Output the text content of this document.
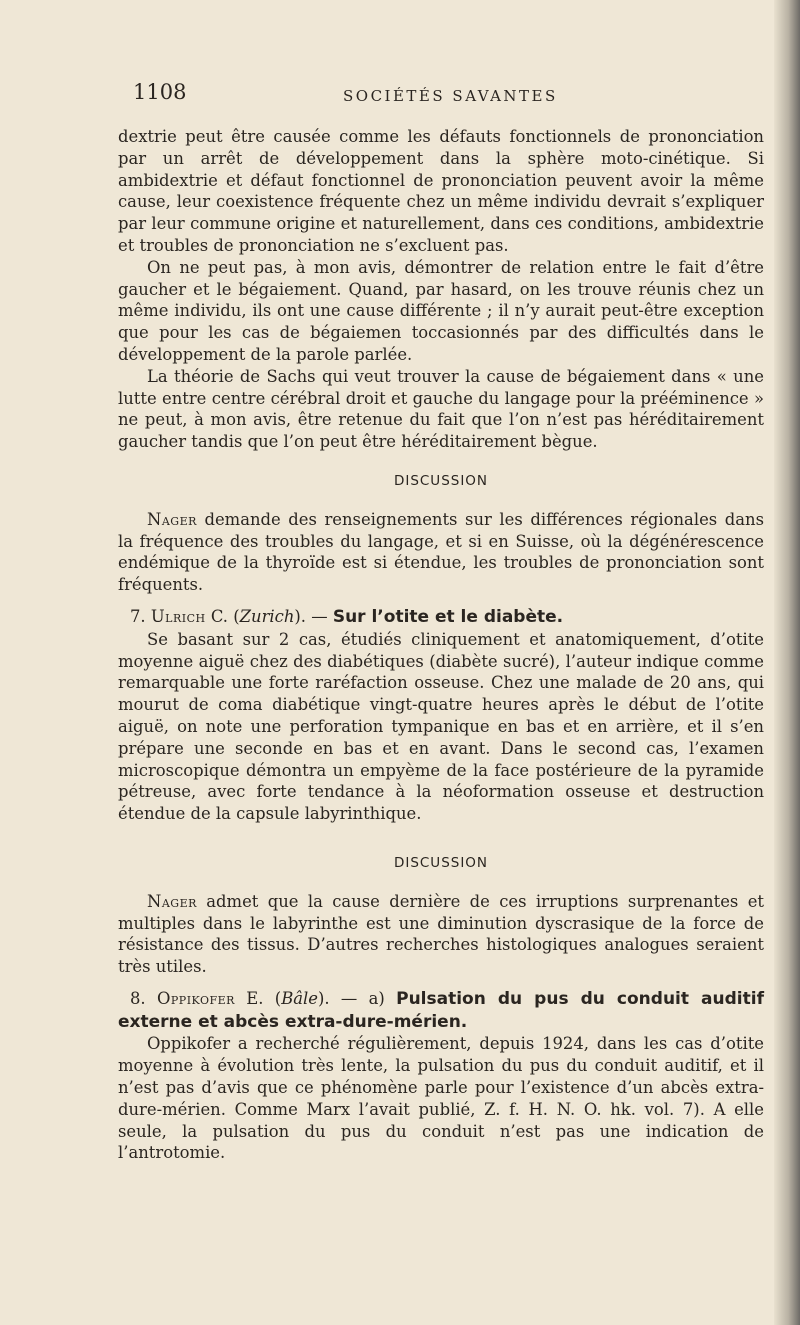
1108	SOCIÉTÉS SAVANTES

dextrie peut être causée comme les défauts fonctionnels de prononciation par un arrêt de développement dans la sphère moto-cinétique. Si ambidextrie et défaut fonctionnel de prononciation peuvent avoir la même cause, leur coexistence fréquente chez un même individu devrait s’expliquer par leur commune origine et naturellement, dans ces conditions, ambidextrie et troubles de prononciation ne s’excluent pas.

On ne peut pas, à mon avis, démontrer de relation entre le fait d’être gaucher et le bégaiement. Quand, par hasard, on les trouve réunis chez un même individu, ils ont une cause différente ; il n’y aurait peut-être exception que pour les cas de bégaiemen toccasionnés par des difficultés dans le développement de la parole parlée.

La théorie de Sachs qui veut trouver la cause de bégaiement dans « une lutte entre centre cérébral droit et gauche du langage pour la prééminence » ne peut, à mon avis, être retenue du fait que l’on n’est pas héréditairement gaucher tandis que l’on peut être héréditairement bègue.

DISCUSSION

Nager demande des renseignements sur les différences régionales dans la fréquence des troubles du langage, et si en Suisse, où la dégénérescence endémique de la thyroïde est si étendue, les troubles de prononciation sont fréquents.

7. Ulrich C. (Zurich). — Sur l’otite et le diabète.

Se basant sur 2 cas, étudiés cliniquement et anatomiquement, d’otite moyenne aiguë chez des diabétiques (diabète sucré), l’auteur indique comme remarquable une forte raréfaction osseuse. Chez une malade de 20 ans, qui mourut de coma diabétique vingt-quatre heures après le début de l’otite aiguë, on note une perforation tympanique en bas et en arrière, et il s’en prépare une seconde en bas et en avant. Dans le second cas, l’examen microscopique démontra un empyème de la face postérieure de la pyramide pétreuse, avec forte tendance à la néoformation osseuse et destruction étendue de la capsule labyrinthique.

DISCUSSION

Nager admet que la cause dernière de ces irruptions surprenantes et multiples dans le labyrinthe est une diminution dyscrasique de la force de résistance des tissus. D’autres recherches histologiques analogues seraient très utiles.

8. Oppikofer E. (Bâle). — a) Pulsation du pus du conduit auditif externe et abcès extra-dure-mérien.

Oppikofer a recherché régulièrement, depuis 1924, dans les cas d’otite moyenne à évolution très lente, la pulsation du pus du conduit auditif, et il n’est pas d’avis que ce phénomène parle pour l’existence d’un abcès extra-dure-mérien. Comme Marx l’avait publié, Z. f. H. N. O. hk. vol. 7). A elle seule, la pulsation du pus du conduit n’est pas une indication de l’antrotomie.
